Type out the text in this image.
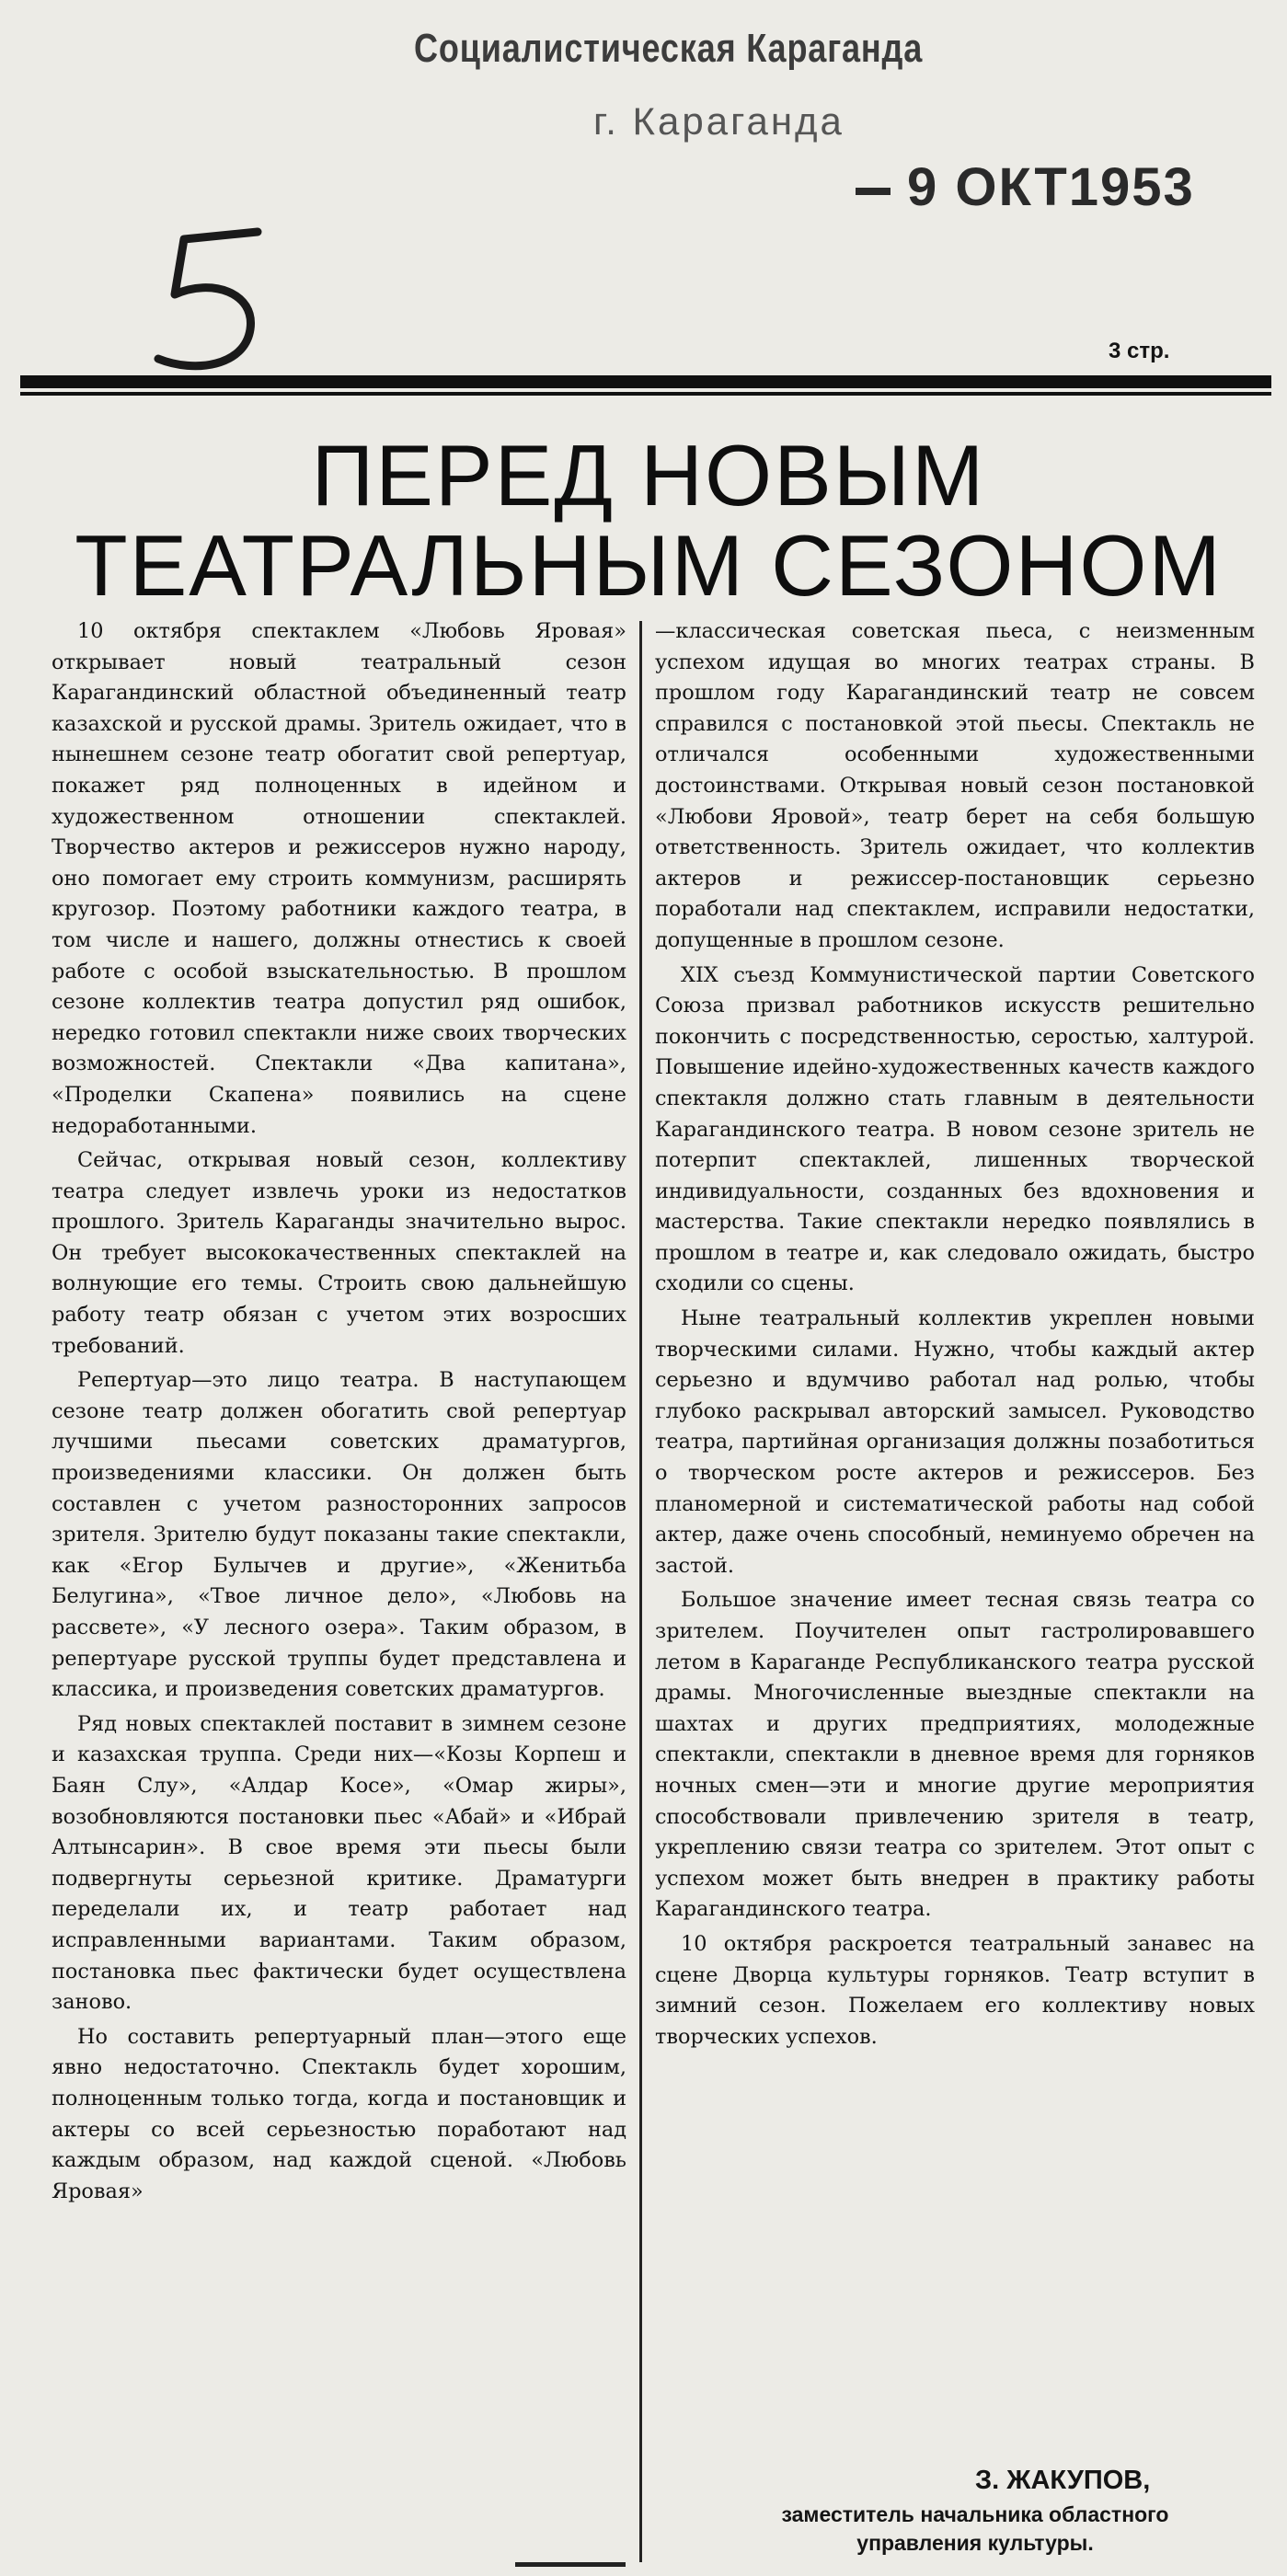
Социалистическая Караганда
г. Караганда
9 ОКТ1953
3 стр.
ПЕРЕД НОВЫМ
ТЕАТРАЛЬНЫМ СЕЗОНОМ

10 октября спектаклем «Любовь Яровая» открывает новый театральный сезон Карагандинский областной объединенный театр казахской и русской драмы. Зритель ожидает, что в нынешнем сезоне театр обогатит свой репертуар, покажет ряд полноценных в идейном и художественном отношении спектаклей. Творчество актеров и режиссеров нужно народу, оно помогает ему строить коммунизм, расширять кругозор. Поэтому работники каждого театра, в том числе и нашего, должны отнестись к своей работе с особой взыскательностью. В прошлом сезоне коллектив театра допустил ряд ошибок, нередко готовил спектакли ниже своих творческих возможностей. Спектакли «Два капитана», «Проделки Скапена» появились на сцене недоработанными.

Сейчас, открывая новый сезон, коллективу театра следует извлечь уроки из недостатков прошлого. Зритель Караганды значительно вырос. Он требует высококачественных спектаклей на волнующие его темы. Строить свою дальнейшую работу театр обязан с учетом этих возросших требований.

Репертуар—это лицо театра. В наступающем сезоне театр должен обогатить свой репертуар лучшими пьесами советских драматургов, произведениями классики. Он должен быть составлен с учетом разносторонних запросов зрителя. Зрителю будут показаны такие спектакли, как «Егор Булычев и другие», «Женитьба Белугина», «Твое личное дело», «Любовь на рассвете», «У лесного озера». Таким образом, в репертуаре русской труппы будет представлена и классика, и произведения советских драматургов.

Ряд новых спектаклей поставит в зимнем сезоне и казахская труппа. Среди них—«Козы Корпеш и Баян Слу», «Алдар Косе», «Омар жиры», возобновляются постановки пьес «Абай» и «Ибрай Алтынсарин». В свое время эти пьесы были подвергнуты серьезной критике. Драматурги переделали их, и театр работает над исправленными вариантами. Таким образом, постановка пьес фактически будет осуществлена заново.

Но составить репертуарный план—этого еще явно недостаточно. Спектакль будет хорошим, полноценным только тогда, когда и постановщик и актеры со всей серьезностью поработают над каждым образом, над каждой сценой. «Любовь Яровая»

—классическая советская пьеса, с неизменным успехом идущая во многих театрах страны. В прошлом году Карагандинский театр не совсем справился с постановкой этой пьесы. Спектакль не отличался особенными художественными достоинствами. Открывая новый сезон постановкой «Любови Яровой», театр берет на себя большую ответственность. Зритель ожидает, что коллектив актеров и режиссер-постановщик серьезно поработали над спектаклем, исправили недостатки, допущенные в прошлом сезоне.

XIX съезд Коммунистической партии Советского Союза призвал работников искусств решительно покончить с посредственностью, серостью, халтурой. Повышение идейно-художественных качеств каждого спектакля должно стать главным в деятельности Карагандинского театра. В новом сезоне зритель не потерпит спектаклей, лишенных творческой индивидуальности, созданных без вдохновения и мастерства. Такие спектакли нередко появлялись в прошлом в театре и, как следовало ожидать, быстро сходили со сцены.

Ныне театральный коллектив укреплен новыми творческими силами. Нужно, чтобы каждый актер серьезно и вдумчиво работал над ролью, чтобы глубоко раскрывал авторский замысел. Руководство театра, партийная организация должны позаботиться о творческом росте актеров и режиссеров. Без планомерной и систематической работы над собой актер, даже очень способный, неминуемо обречен на застой.

Большое значение имеет тесная связь театра со зрителем. Поучителен опыт гастролировавшего летом в Караганде Республиканского театра русской драмы. Многочисленные выездные спектакли на шахтах и других предприятиях, молодежные спектакли, спектакли в дневное время для горняков ночных смен—эти и многие другие мероприятия способствовали привлечению зрителя в театр, укреплению связи театра со зрителем. Этот опыт с успехом может быть внедрен в практику работы Карагандинского театра.

10 октября раскроется театральный занавес на сцене Дворца культуры горняков. Театр вступит в зимний сезон. Пожелаем его коллективу новых творческих успехов.

З. ЖАКУПОВ,
заместитель начальника областного управления культуры.
